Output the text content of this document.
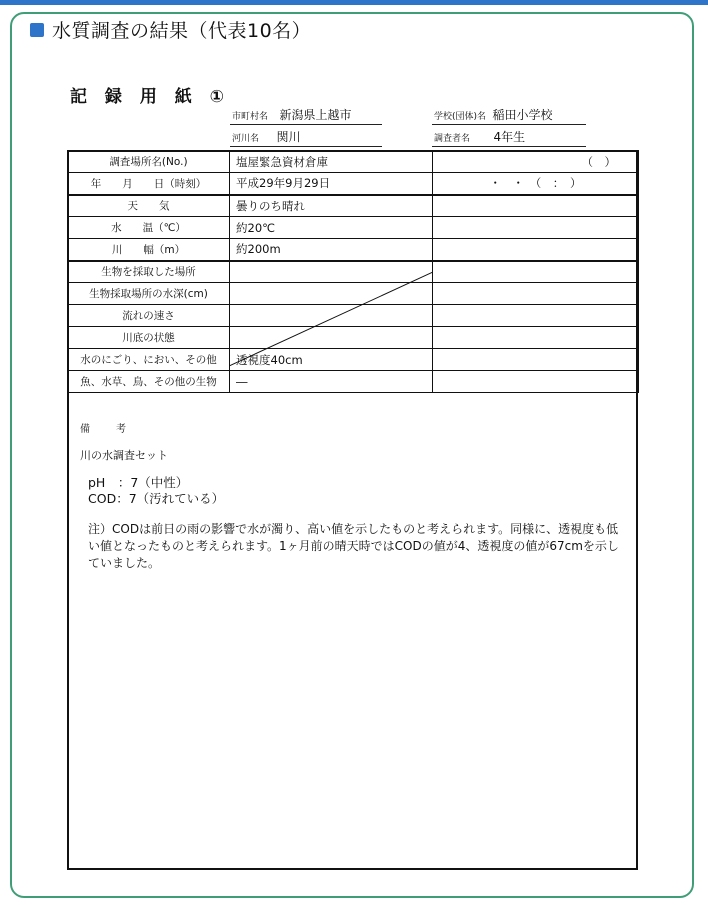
水質調査の結果（代表10名）
記 録 用 紙 ①
市町村名 新潟県上越市
河川名 関川
学校(団体)名 稲田小学校
調査者名 4年生
調査場所名(No.)	塩屋緊急資材倉庫	（　）
年　　月　　日（時刻）	平成29年9月29日	・　・　（　：　）
天　　気	曇りのち晴れ	
水　　温（℃）	約20℃	
川　　幅（m）	約200m	
生物を採取した場所		
生物採取場所の水深(cm)		
流れの速さ		
川底の状態		
水のにごり、におい、その他	透視度40cm	
魚、水草、鳥、その他の生物	―	
備　考
川の水調査セット
pH　：7（中性）
COD：7（汚れている）
注）CODは前日の雨の影響で水が濁り、高い値を示したものと考えられます。同様に、透視度も低い値となったものと考えられます。1ヶ月前の晴天時ではCODの値が4、透視度の値が67cmを示していました。
